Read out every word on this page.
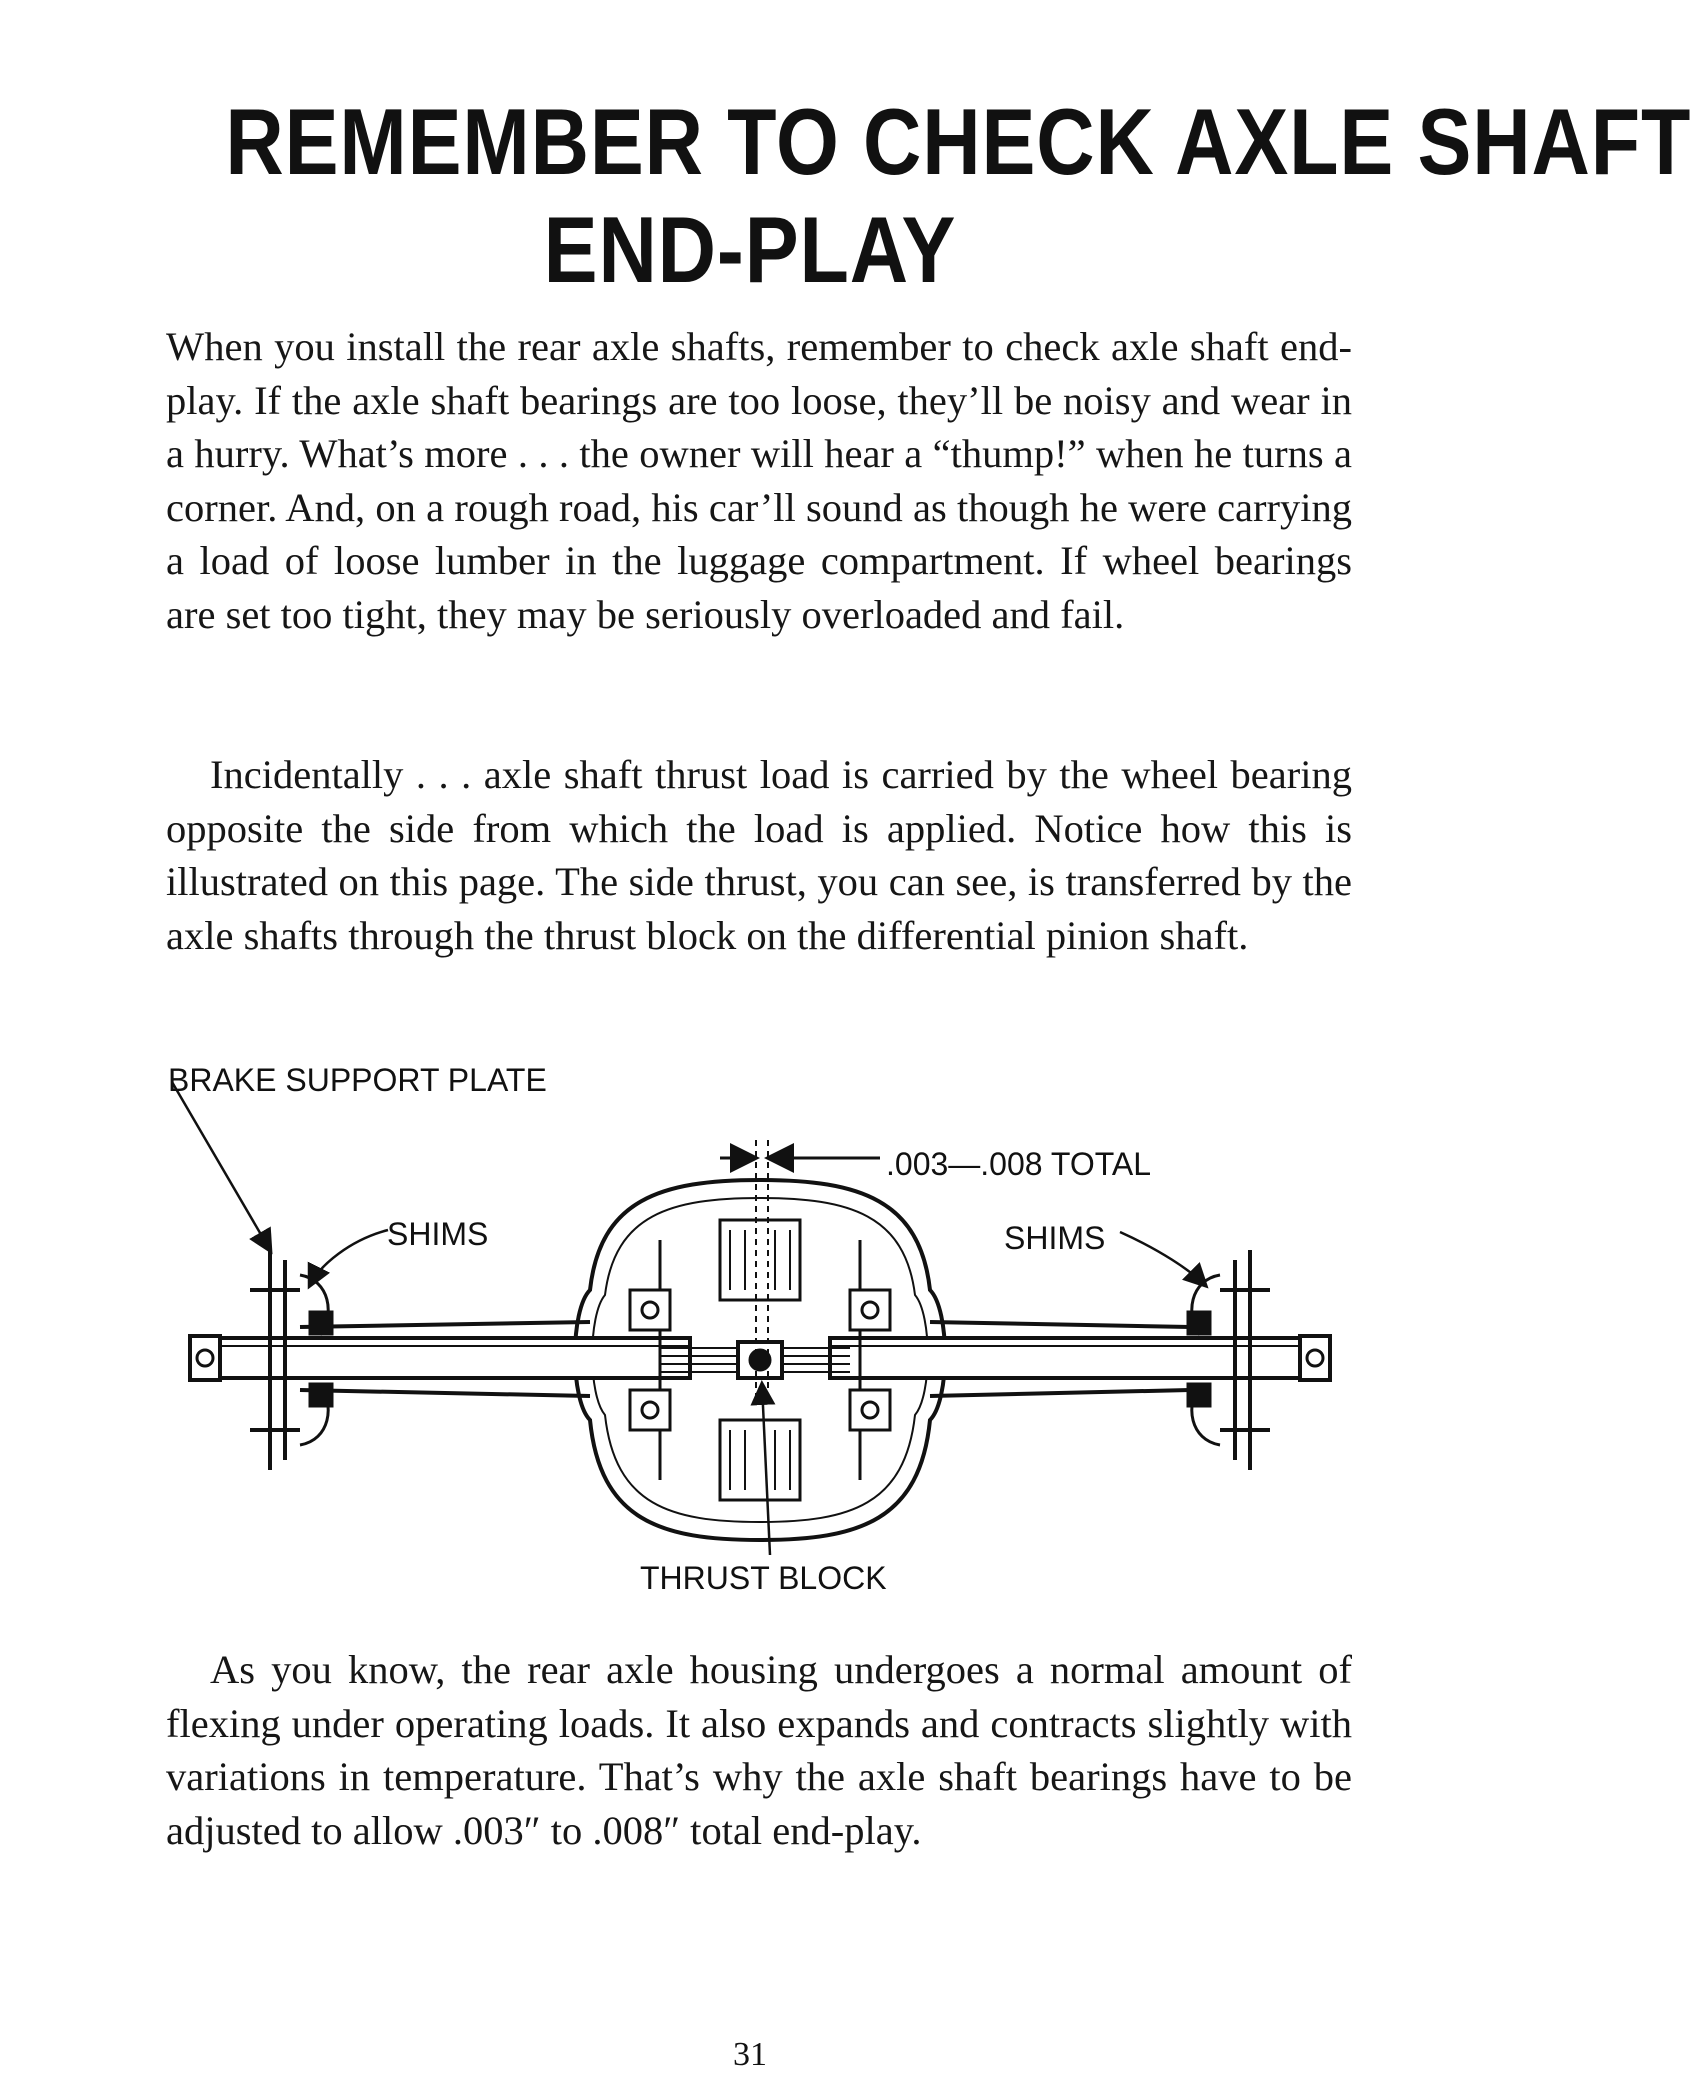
REMEMBER TO CHECK AXLE SHAFT
END-PLAY

When you install the rear axle shafts, remember to check axle shaft end-play. If the axle shaft bearings are too loose, they’ll be noisy and wear in a hurry. What’s more . . . the owner will hear a “thump!” when he turns a corner. And, on a rough road, his car’ll sound as though he were carrying a load of loose lumber in the luggage compartment. If wheel bearings are set too tight, they may be seriously overloaded and fail.

Incidentally . . . axle shaft thrust load is carried by the wheel bearing opposite the side from which the load is applied. Notice how this is illustrated on this page. The side thrust, you can see, is transferred by the axle shafts through the thrust block on the differential pinion shaft.

BRAKE SUPPORT PLATE
SHIMS	SHIMS
.003—.008 TOTAL
THRUST BLOCK

As you know, the rear axle housing undergoes a normal amount of flexing under operating loads. It also expands and contracts slightly with variations in temperature. That’s why the axle shaft bearings have to be adjusted to allow .003″ to .008″ total end-play.

31
